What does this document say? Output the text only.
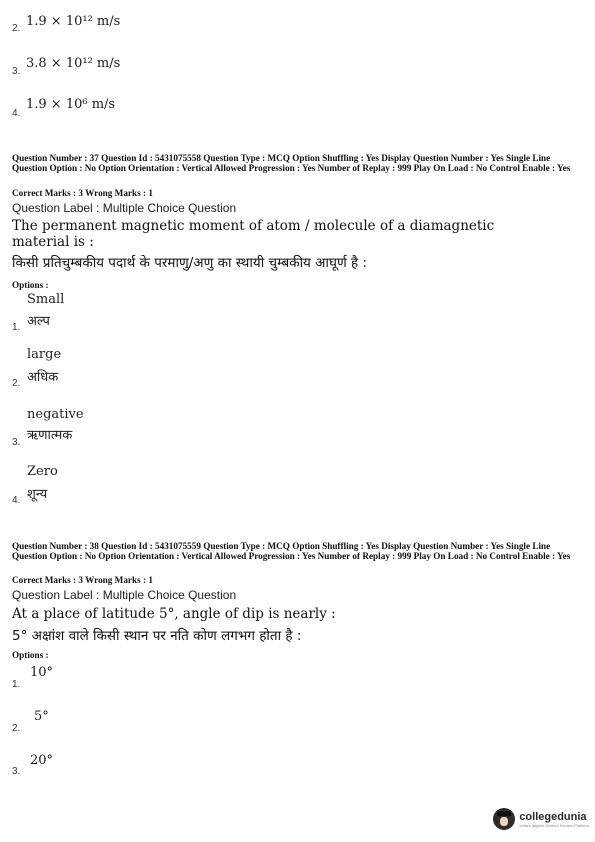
2. 1.9 × 10¹² m/s
3.
3.8 × 10¹² m/s
4.
1.9 × 10⁶ m/s
Question Number : 37 Question Id : 5431075558 Question Type : MCQ Option Shuffling : Yes Display Question Number : Yes Single Line Question Option : No Option Orientation : Vertical Allowed Progression : Yes Number of Replay : 999 Play On Load : No Control Enable : Yes
Correct Marks : 3 Wrong Marks : 1
Question Label : Multiple Choice Question
The permanent magnetic moment of atom / molecule of a diamagnetic material is :
किसी प्रतिचुम्बकीय पदार्थ के परमाणु/अणु का स्थायी चुम्बकीय आघूर्ण है :
Options :
Small
1. अल्प
large
2. अधिक
negative
3. ऋणात्मक
Zero
4. शून्य
Question Number : 38 Question Id : 5431075559 Question Type : MCQ Option Shuffling : Yes Display Question Number : Yes Single Line Question Option : No Option Orientation : Vertical Allowed Progression : Yes Number of Replay : 999 Play On Load : No Control Enable : Yes
Correct Marks : 3 Wrong Marks : 1
Question Label : Multiple Choice Question
At a place of latitude 5°, angle of dip is nearly :
5° अक्षांश वाले किसी स्थान पर नति कोण लगभग होता है :
Options :
1.
10°
2.
5°
3.
20°
collegedunia
India's largest Student Review Platform
